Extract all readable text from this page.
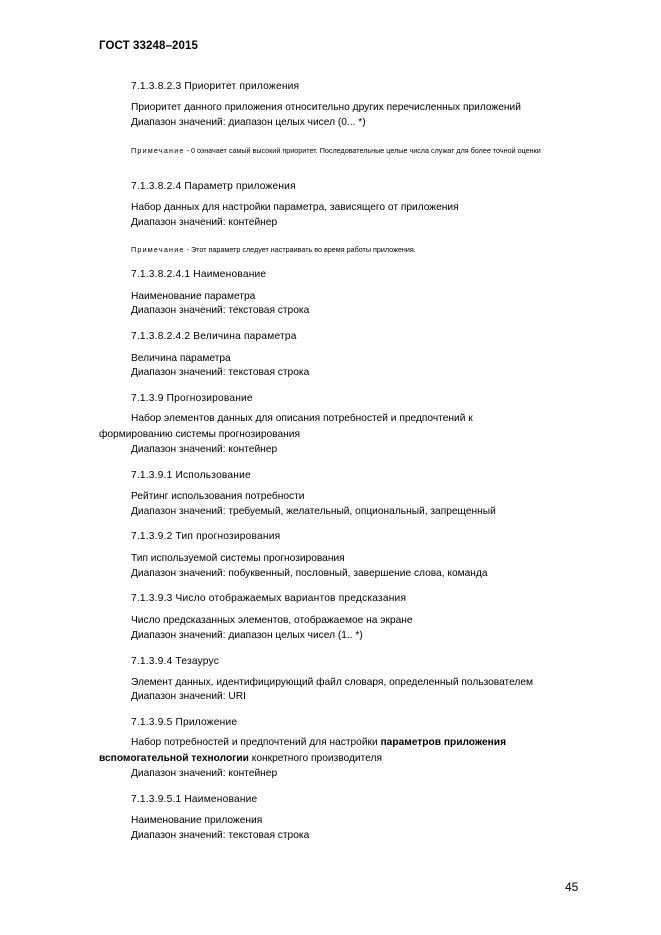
ГОСТ 33248–2015
7.1.3.8.2.3 Приоритет приложения
Приоритет данного приложения относительно других перечисленных приложений
Диапазон значений: диапазон целых чисел (0... *)
Примечание - 0 означает самый высокий приоритет. Последовательные целые числа служат для более точной оценки
7.1.3.8.2.4 Параметр приложения
Набор данных для настройки параметра, зависящего от приложения
Диапазон значений: контейнер
Примечание - Этот параметр следует настраивать во время работы приложения.
7.1.3.8.2.4.1 Наименование
Наименование параметра
Диапазон значений: текстовая строка
7.1.3.8.2.4.2 Величина параметра
Величина параметра
Диапазон значений: текстовая строка
7.1.3.9 Прогнозирование
Набор элементов данных для описания потребностей и предпочтений к формированию системы прогнозирования
Диапазон значений: контейнер
7.1.3.9.1 Использование
Рейтинг использования потребности
Диапазон значений: требуемый, желательный, опциональный, запрещенный
7.1.3.9.2 Тип прогнозирования
Тип используемой системы прогнозирования
Диапазон значений: побуквенный, пословный, завершение слова, команда
7.1.3.9.3 Число отображаемых вариантов предсказания
Число предсказанных элементов, отображаемое на экране
Диапазон значений: диапазон целых чисел (1.. *)
7.1.3.9.4 Тезаурус
Элемент данных, идентифицирующий файл словаря, определенный пользователем
Диапазон значений: URI
7.1.3.9.5 Приложение
Набор потребностей и предпочтений для настройки параметров приложения вспомогательной технологии конкретного производителя
Диапазон значений: контейнер
7.1.3.9.5.1 Наименование
Наименование приложения
Диапазон значений: текстовая строка
45
